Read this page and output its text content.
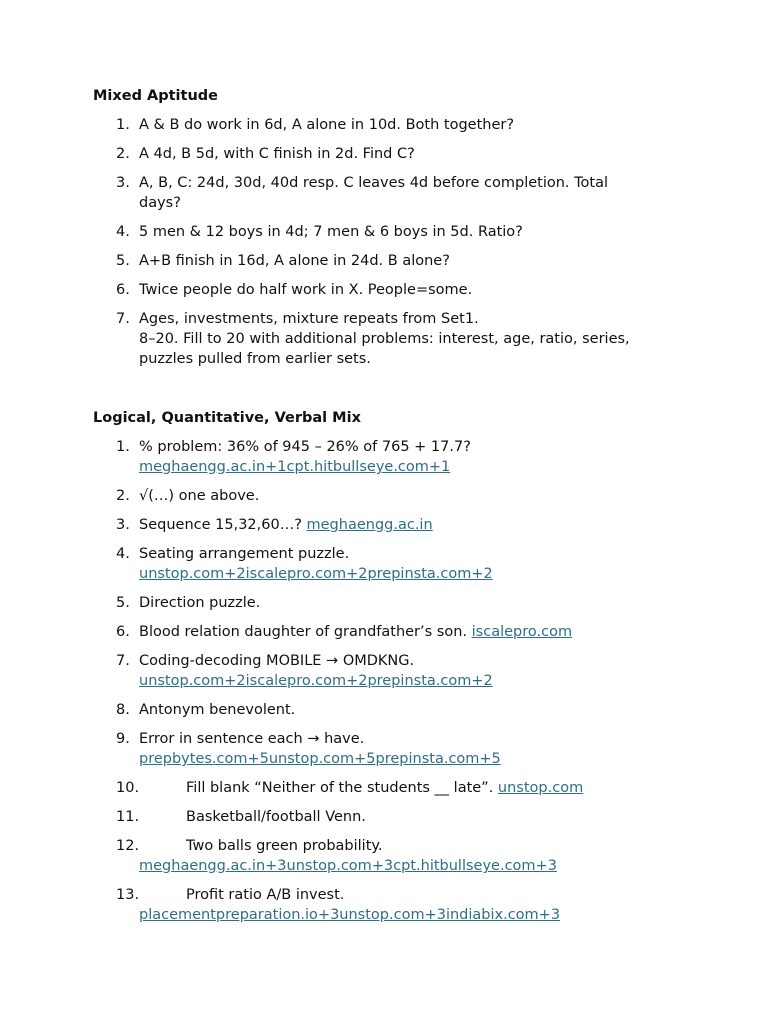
Mixed Aptitude
1. A & B do work in 6d, A alone in 10d. Both together?
2. A 4d, B 5d, with C finish in 2d. Find C?
3. A, B, C: 24d, 30d, 40d resp. C leaves 4d before completion. Total
days?
4. 5 men & 12 boys in 4d; 7 men & 6 boys in 5d. Ratio?
5. A+B finish in 16d, A alone in 24d. B alone?
6. Twice people do half work in X. People=some.
7. Ages, investments, mixture repeats from Set1.
8–20. Fill to 20 with additional problems: interest, age, ratio, series,
puzzles pulled from earlier sets.
Logical, Quantitative, Verbal Mix
1. % problem: 36% of 945 – 26% of 765 + 17.7?
meghaengg.ac.in+1cpt.hitbullseye.com+1
2. √(…) one above.
3. Sequence 15,32,60…? meghaengg.ac.in
4. Seating arrangement puzzle.
unstop.com+2iscalepro.com+2prepinsta.com+2
5. Direction puzzle.
6. Blood relation daughter of grandfather’s son. iscalepro.com
7. Coding-decoding MOBILE → OMDKNG.
unstop.com+2iscalepro.com+2prepinsta.com+2
8. Antonym benevolent.
9. Error in sentence each → have.
prepbytes.com+5unstop.com+5prepinsta.com+5
10.	Fill blank “Neither of the students __ late”. unstop.com
11.	Basketball/football Venn.
12.	Two balls green probability.
meghaengg.ac.in+3unstop.com+3cpt.hitbullseye.com+3
13.	Profit ratio A/B invest.
placementpreparation.io+3unstop.com+3indiabix.com+3
